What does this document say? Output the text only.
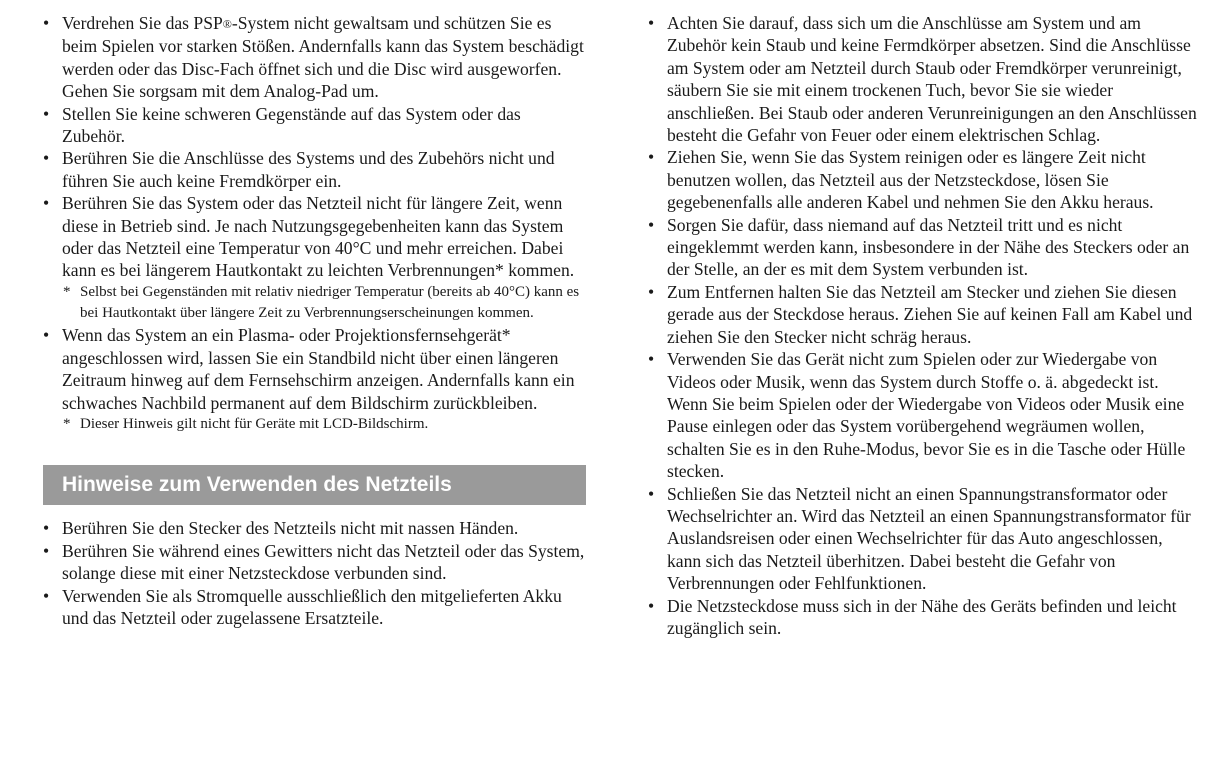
• Verdrehen Sie das PSP®-System nicht gewaltsam und schützen Sie es beim Spielen vor starken Stößen. Andernfalls kann das System beschädigt werden oder das Disc-Fach öffnet sich und die Disc wird ausgeworfen. Gehen Sie sorgsam mit dem Analog-Pad um.
• Stellen Sie keine schweren Gegenstände auf das System oder das Zubehör.
• Berühren Sie die Anschlüsse des Systems und des Zubehörs nicht und führen Sie auch keine Fremdkörper ein.
• Berühren Sie das System oder das Netzteil nicht für längere Zeit, wenn diese in Betrieb sind. Je nach Nutzungsgegebenheiten kann das System oder das Netzteil eine Temperatur von 40°C und mehr erreichen. Dabei kann es bei längerem Hautkontakt zu leichten Verbrennungen* kommen.
* Selbst bei Gegenständen mit relativ niedriger Temperatur (bereits ab 40°C) kann es bei Hautkontakt über längere Zeit zu Verbrennungserscheinungen kommen.
• Wenn das System an ein Plasma- oder Projektionsfernsehgerät* angeschlossen wird, lassen Sie ein Standbild nicht über einen längeren Zeitraum hinweg auf dem Fernsehschirm anzeigen. Andernfalls kann ein schwaches Nachbild permanent auf dem Bildschirm zurückbleiben.
* Dieser Hinweis gilt nicht für Geräte mit LCD-Bildschirm.
Hinweise zum Verwenden des Netzteils
• Berühren Sie den Stecker des Netzteils nicht mit nassen Händen.
• Berühren Sie während eines Gewitters nicht das Netzteil oder das System, solange diese mit einer Netzsteckdose verbunden sind.
• Verwenden Sie als Stromquelle ausschließlich den mitgelieferten Akku und das Netzteil oder zugelassene Ersatzteile.
• Achten Sie darauf, dass sich um die Anschlüsse am System und am Zubehör kein Staub und keine Fermdkörper absetzen. Sind die Anschlüsse am System oder am Netzteil durch Staub oder Fremdkörper verunreinigt, säubern Sie sie mit einem trockenen Tuch, bevor Sie sie wieder anschließen. Bei Staub oder anderen Verunreinigungen an den Anschlüssen besteht die Gefahr von Feuer oder einem elektrischen Schlag.
• Ziehen Sie, wenn Sie das System reinigen oder es längere Zeit nicht benutzen wollen, das Netzteil aus der Netzsteckdose, lösen Sie gegebenenfalls alle anderen Kabel und nehmen Sie den Akku heraus.
• Sorgen Sie dafür, dass niemand auf das Netzteil tritt und es nicht eingeklemmt werden kann, insbesondere in der Nähe des Steckers oder an der Stelle, an der es mit dem System verbunden ist.
• Zum Entfernen halten Sie das Netzteil am Stecker und ziehen Sie diesen gerade aus der Steckdose heraus. Ziehen Sie auf keinen Fall am Kabel und ziehen Sie den Stecker nicht schräg heraus.
• Verwenden Sie das Gerät nicht zum Spielen oder zur Wiedergabe von Videos oder Musik, wenn das System durch Stoffe o. ä. abgedeckt ist. Wenn Sie beim Spielen oder der Wiedergabe von Videos oder Musik eine Pause einlegen oder das System vorübergehend wegräumen wollen, schalten Sie es in den Ruhe-Modus, bevor Sie es in die Tasche oder Hülle stecken.
• Schließen Sie das Netzteil nicht an einen Spannungstransformator oder Wechselrichter an. Wird das Netzteil an einen Spannungstransformator für Auslandsreisen oder einen Wechselrichter für das Auto angeschlossen, kann sich das Netzteil überhitzen. Dabei besteht die Gefahr von Verbrennungen oder Fehlfunktionen.
• Die Netzsteckdose muss sich in der Nähe des Geräts befinden und leicht zugänglich sein.
